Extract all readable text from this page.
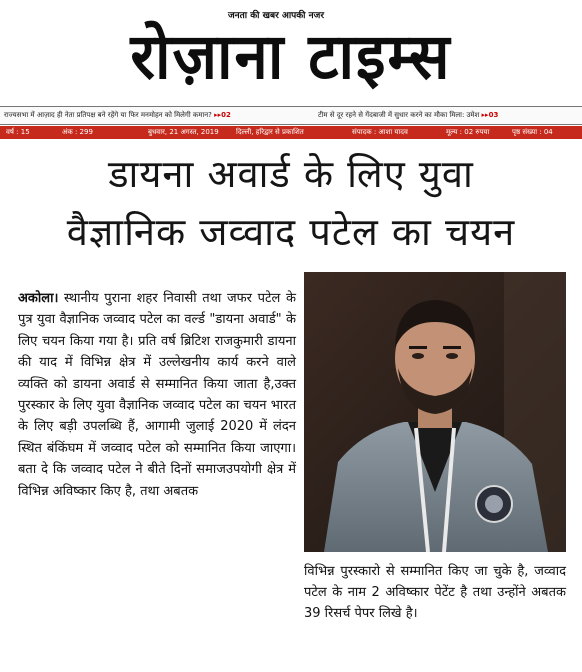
जनता की खबर आपकी नजर
रोज़ाना टाइम्स
राज्यसभा में आज़ाद ही नेता प्रतिपक्ष बने रहेंगे या फिर मनमोहन को मिलेगी कमान? ▸▸02	टीम से दूर रहने से गेंदबाजी में सुधार करने का मौका मिला: उमेश ▸▸03
वर्ष : 15	अंक : 299	बुधवार, 21 अगस्त, 2019 दिल्ली, हरिद्वार से प्रकाशित	संपादक : आशा यादव	मूल्य : 02 रुपया	पृष्ठ संख्या : 04
डायना अवार्ड के लिए युवा
वैज्ञानिक जव्वाद पटेल का चयन
अकोला। स्थानीय पुराना शहर निवासी तथा जफर पटेल के पुत्र युवा वैज्ञानिक जव्वाद पटेल का वर्ल्ड "डायना अवार्ड" के लिए चयन किया गया है। प्रति वर्ष ब्रिटिश राजकुमारी डायना की याद में विभिन्न क्षेत्र में उल्लेखनीय कार्य करने वाले व्यक्ति को डायना अवार्ड से सम्मानित किया जाता है,उक्त पुरस्कार के लिए युवा वैज्ञानिक जव्वाद पटेल का चयन भारत के लिए बड़ी उपलब्धि हैं, आगामी जुलाई 2020 में लंदन स्थित बंकिंघम में जव्वाद पटेल को सम्मानित किया जाएगा। बता दे कि जव्वाद पटेल ने बीते दिनों समाजउपयोगी क्षेत्र में विभिन्न अविष्कार किए है, तथा अबतक
विभिन्न पुरस्कारो से सम्मानित किए जा चुके है, जव्वाद पटेल के नाम 2 अविष्कार पेटेंट है तथा उन्होंने अबतक 39 रिसर्च पेपर लिखे है।
